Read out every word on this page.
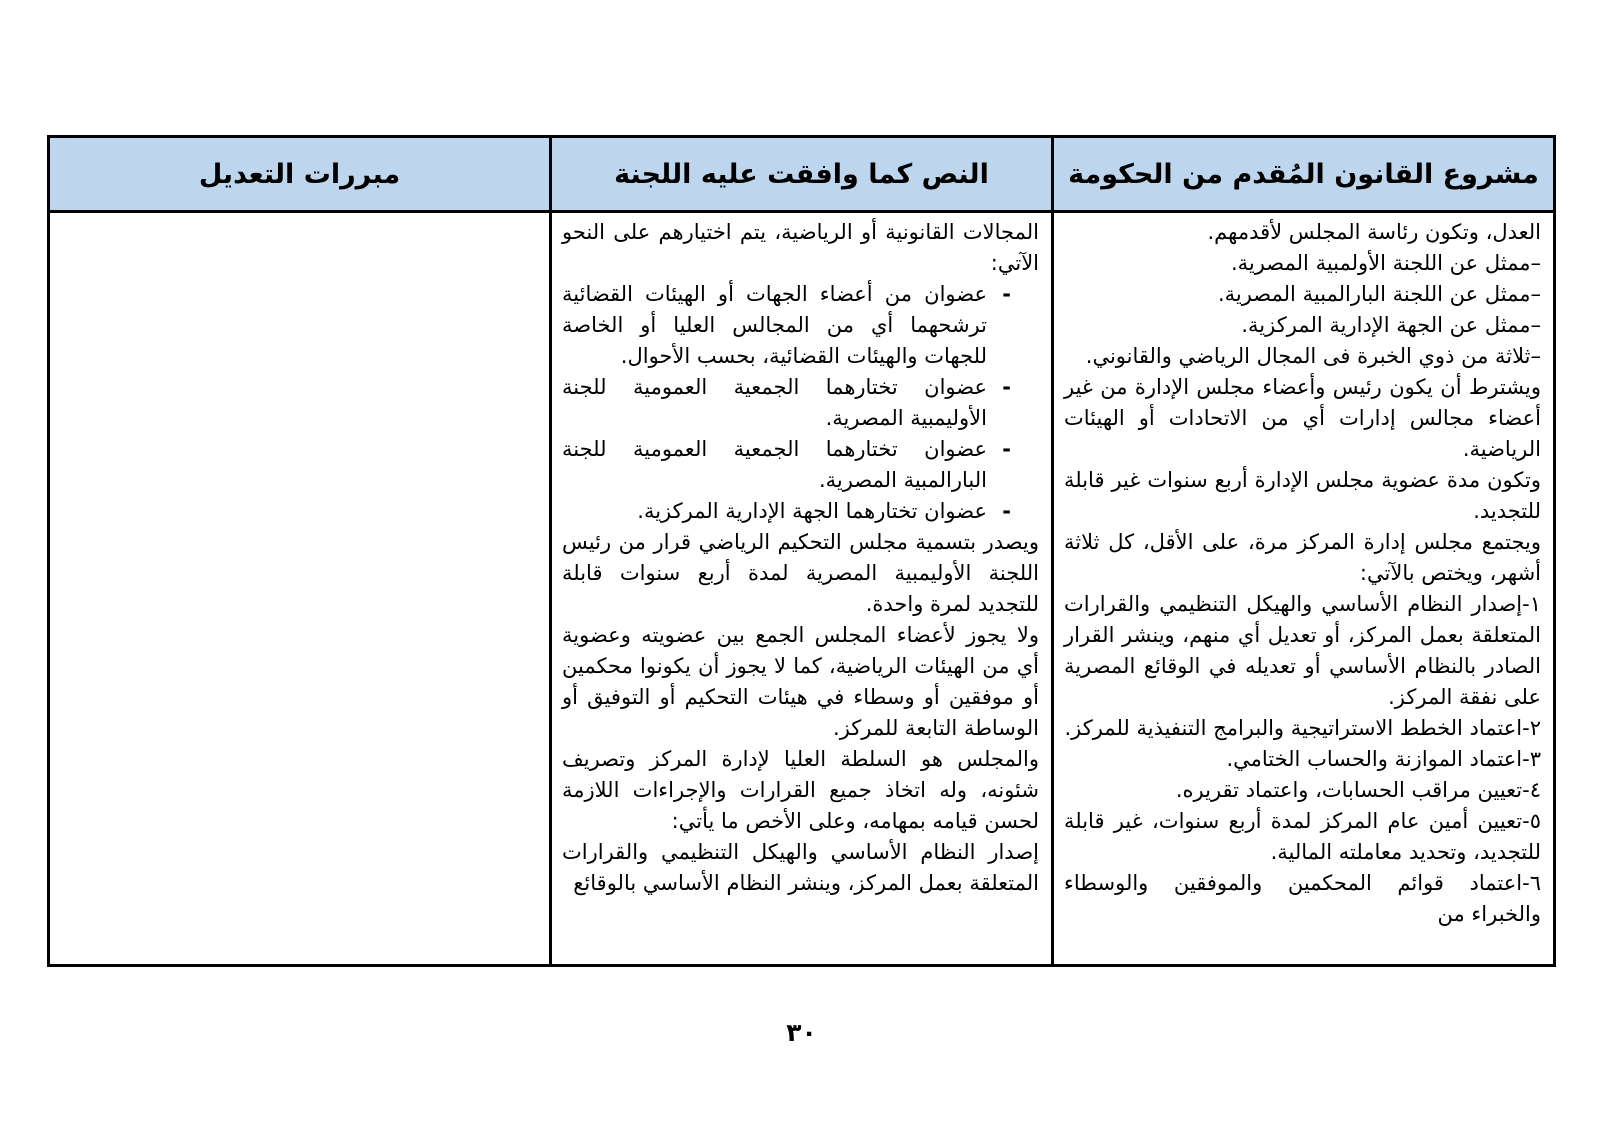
مشروع القانون المُقدم من الحكومة
العدل، وتكون رئاسة المجلس لأقدمهم.
–ممثل عن اللجنة الأولمبية المصرية.
–ممثل عن اللجنة البارالمبية المصرية.
–ممثل عن الجهة الإدارية المركزية.
–ثلاثة من ذوي الخبرة فى المجال الرياضي والقانوني.
ويشترط أن يكون رئيس وأعضاء مجلس الإدارة من غير أعضاء مجالس إدارات أي من الاتحادات أو الهيئات الرياضية.
وتكون مدة عضوية مجلس الإدارة أربع سنوات غير قابلة للتجديد.
ويجتمع مجلس إدارة المركز مرة، على الأقل، كل ثلاثة أشهر، ويختص بالآتي:
١-إصدار النظام الأساسي والهيكل التنظيمي والقرارات المتعلقة بعمل المركز، أو تعديل أي منهم، وينشر القرار الصادر بالنظام الأساسي أو تعديله في الوقائع المصرية على نفقة المركز.
٢-اعتماد الخطط الاستراتيجية والبرامج التنفيذية للمركز.
٣-اعتماد الموازنة والحساب الختامي.
٤-تعيين مراقب الحسابات، واعتماد تقريره.
٥-تعيين أمين عام المركز لمدة أربع سنوات، غير قابلة للتجديد، وتحديد معاملته المالية.
٦-اعتماد قوائم المحكمين والموفقين والوسطاء والخبراء من
النص كما وافقت عليه اللجنة
المجالات القانونية أو الرياضية، يتم اختيارهم على النحو الآتي:
-
عضوان من أعضاء الجهات أو الهيئات القضائية ترشحهما أي من المجالس العليا أو الخاصة للجهات والهيئات القضائية، بحسب الأحوال.
-
عضوان تختارهما الجمعية العمومية للجنة الأوليمبية المصرية.
-
عضوان تختارهما الجمعية العمومية للجنة البارالمبية المصرية.
-
عضوان تختارهما الجهة الإدارية المركزية.
ويصدر بتسمية مجلس التحكيم الرياضي قرار من رئيس اللجنة الأوليمبية المصرية لمدة أربع سنوات قابلة للتجديد لمرة واحدة.
ولا يجوز لأعضاء المجلس الجمع بين عضويته وعضوية أي من الهيئات الرياضية، كما لا يجوز أن يكونوا محكمين أو موفقين أو وسطاء في هيئات التحكيم أو التوفيق أو الوساطة التابعة للمركز.
والمجلس هو السلطة العليا لإدارة المركز وتصريف شئونه، وله اتخاذ جميع القرارات والإجراءات اللازمة لحسن قيامه بمهامه، وعلى الأخص ما يأتي:
إصدار النظام الأساسي والهيكل التنظيمي والقرارات المتعلقة بعمل المركز، وينشر النظام الأساسي بالوقائع
مبررات التعديل
٣٠
